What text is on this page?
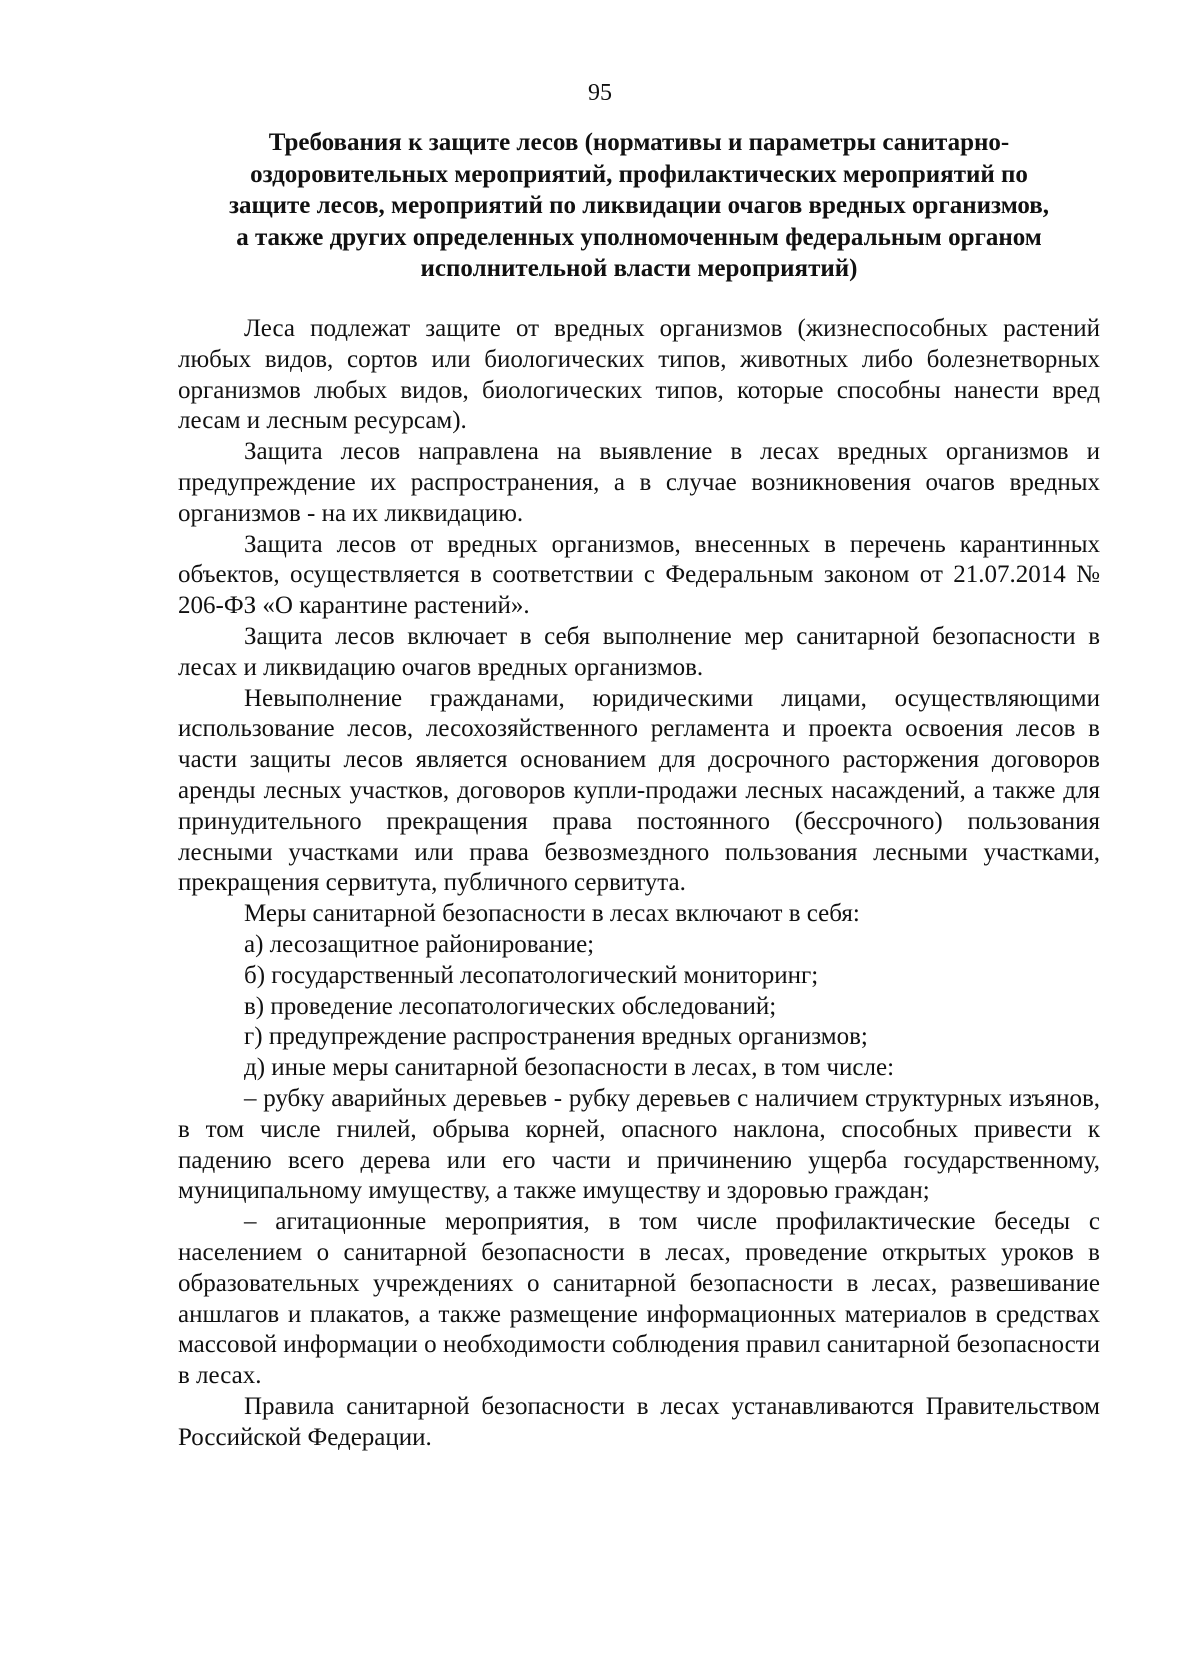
95
Требования к защите лесов (нормативы и параметры санитарно-
оздоровительных мероприятий, профилактических мероприятий по
защите лесов, мероприятий по ликвидации очагов вредных организмов,
а также других определенных уполномоченным федеральным органом
исполнительной власти мероприятий)

Леса подлежат защите от вредных организмов (жизнеспособных растений любых видов, сортов или биологических типов, животных либо болезнетворных организмов любых видов, биологических типов, которые способны нанести вред лесам и лесным ресурсам).

Защита лесов направлена на выявление в лесах вредных организмов и предупреждение их распространения, а в случае возникновения очагов вредных организмов - на их ликвидацию.

Защита лесов от вредных организмов, внесенных в перечень карантинных объектов, осуществляется в соответствии с Федеральным законом от 21.07.2014 № 206-ФЗ «О карантине растений».

Защита лесов включает в себя выполнение мер санитарной безопасности в лесах и ликвидацию очагов вредных организмов.

Невыполнение гражданами, юридическими лицами, осуществляющими использование лесов, лесохозяйственного регламента и проекта освоения лесов в части защиты лесов является основанием для досрочного расторжения договоров аренды лесных участков, договоров купли-продажи лесных насаждений, а также для принудительного прекращения права постоянного (бессрочного) пользования лесными участками или права безвозмездного пользования лесными участками, прекращения сервитута, публичного сервитута.

Меры санитарной безопасности в лесах включают в себя:

а) лесозащитное районирование;

б) государственный лесопатологический мониторинг;

в) проведение лесопатологических обследований;

г) предупреждение распространения вредных организмов;

д) иные меры санитарной безопасности в лесах, в том числе:

– рубку аварийных деревьев - рубку деревьев с наличием структурных изъянов, в том числе гнилей, обрыва корней, опасного наклона, способных привести к падению всего дерева или его части и причинению ущерба государственному, муниципальному имуществу, а также имуществу и здоровью граждан;

– агитационные мероприятия, в том числе профилактические беседы с населением о санитарной безопасности в лесах, проведение открытых уроков в образовательных учреждениях о санитарной безопасности в лесах, развешивание аншлагов и плакатов, а также размещение информационных материалов в средствах массовой информации о необходимости соблюдения правил санитарной безопасности в лесах.

Правила санитарной безопасности в лесах устанавливаются Правительством Российской Федерации.
